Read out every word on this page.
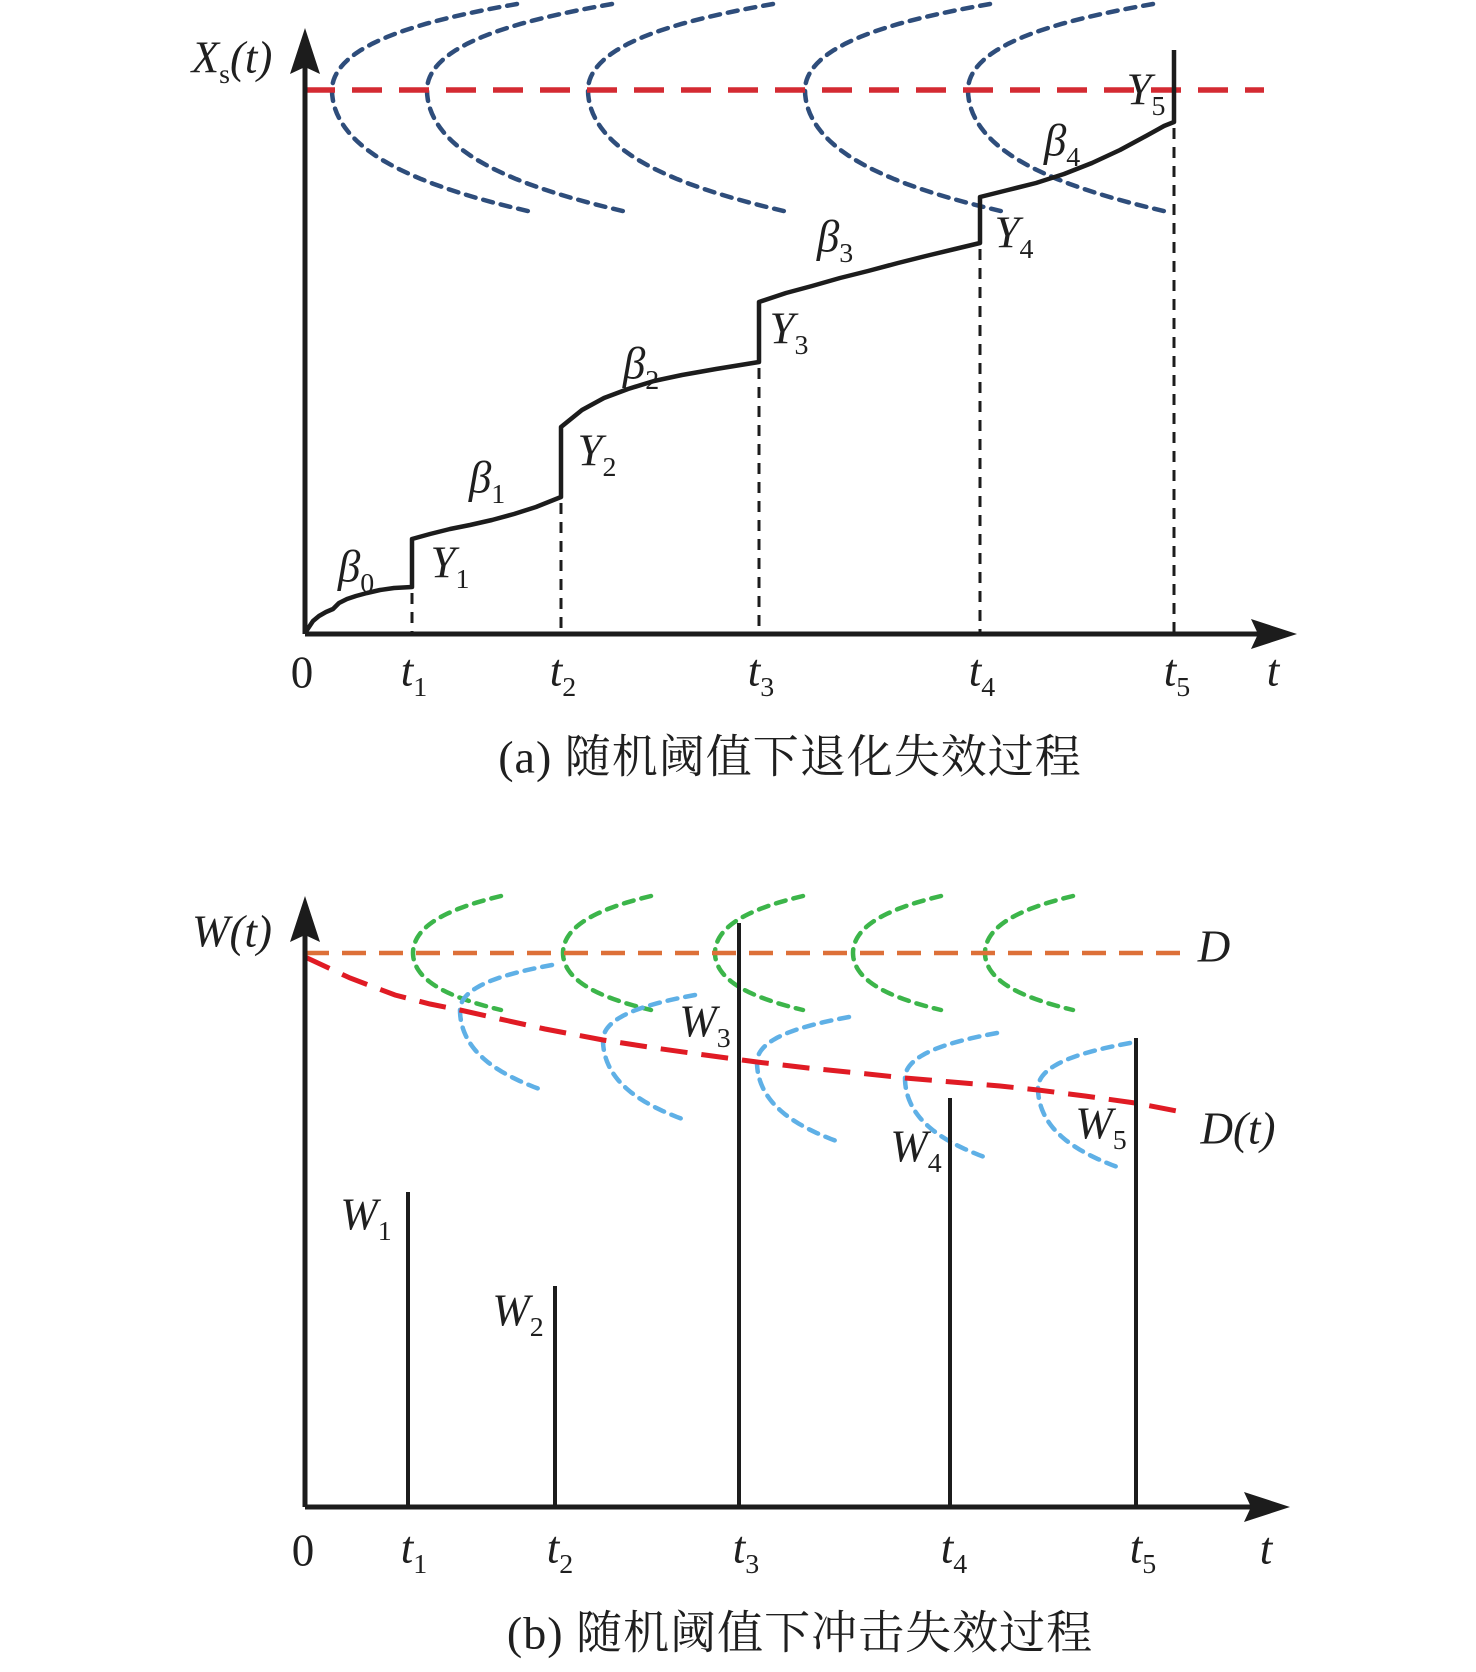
(a) 随机阈值下退化失效过程
(b) 随机阈值下冲击失效过程
$X_s(t)$
$\beta_0$ $Y_1$
$\beta_1$
$Y_2$
$\beta_2$
$Y_3$
$\beta_3$	$Y_4$
$\beta_4$
$Y_5$
0 $t_1$	$t_2$	$t_3$	$t_4$	$t_5$ t
W(t)
$W_1$
$W_2$
$W_3$
$W_4$
$W_5$
D
D(t)
0 $t_1$	$t_2$	$t_3$	$t_4$	$t_5$ t
